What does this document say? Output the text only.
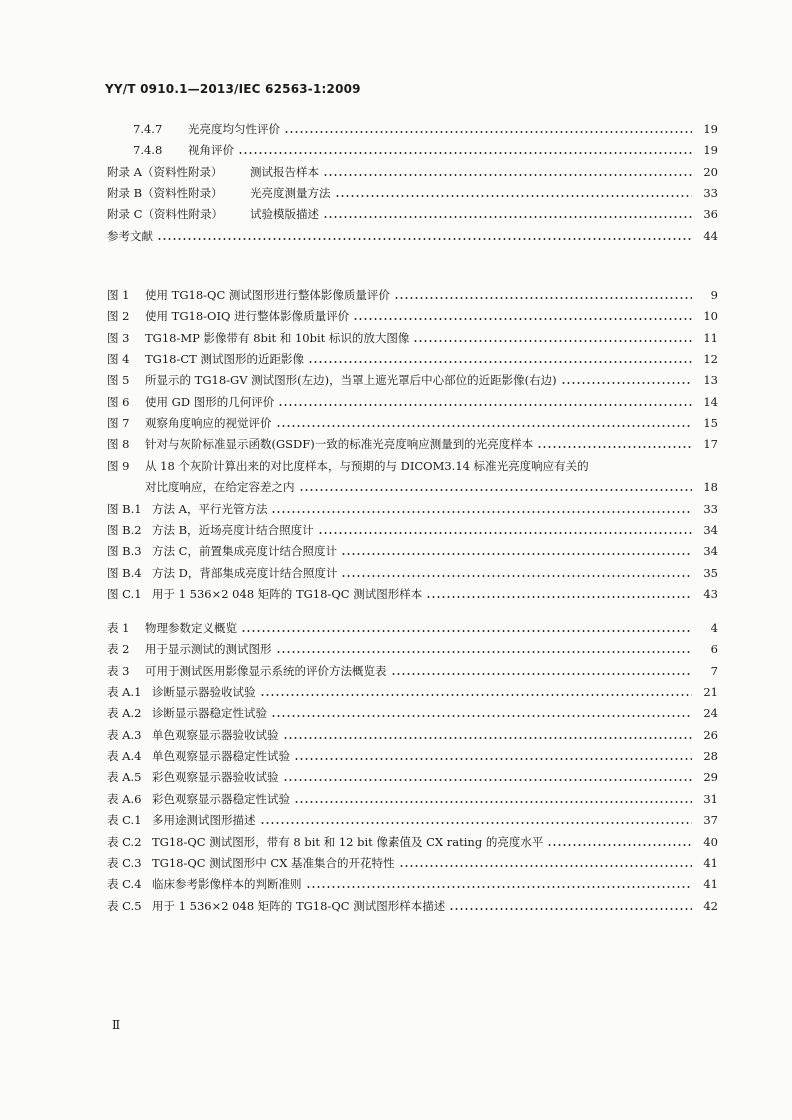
YY/T 0910.1—2013/IEC 62563-1:2009
7.4.7 光亮度均匀性评价	19
7.4.8 视角评价	19
附录 A（资料性附录） 测试报告样本	20
附录 B（资料性附录） 光亮度测量方法	33
附录 C（资料性附录） 试验模版描述	36
参考文献	44
图 1 使用 TG18-QC 测试图形进行整体影像质量评价	9
图 2 使用 TG18-OIQ 进行整体影像质量评价	10
图 3 TG18-MP 影像带有 8bit 和 10bit 标识的放大图像	11
图 4 TG18-CT 测试图形的近距影像	12
图 5 所显示的 TG18-GV 测试图形(左边)，当罩上遮光罩后中心部位的近距影像(右边)	13
图 6 使用 GD 图形的几何评价	14
图 7 观察角度响应的视觉评价	15
图 8 针对与灰阶标准显示函数(GSDF)一致的标准光亮度响应测量到的光亮度样本	17
图 9 从 18 个灰阶计算出来的对比度样本，与预期的与 DICOM3.14 标准光亮度响应有关的
对比度响应，在给定容差之内	18
图 B.1 方法 A，平行光管方法	33
图 B.2 方法 B，近场亮度计结合照度计	34
图 B.3 方法 C，前置集成亮度计结合照度计	34
图 B.4 方法 D，背部集成亮度计结合照度计	35
图 C.1 用于 1 536×2 048 矩阵的 TG18-QC 测试图形样本	43
表 1 物理参数定义概览	4
表 2 用于显示测试的测试图形	6
表 3 可用于测试医用影像显示系统的评价方法概览表	7
表 A.1 诊断显示器验收试验	21
表 A.2 诊断显示器稳定性试验	24
表 A.3 单色观察显示器验收试验	26
表 A.4 单色观察显示器稳定性试验	28
表 A.5 彩色观察显示器验收试验	29
表 A.6 彩色观察显示器稳定性试验	31
表 C.1 多用途测试图形描述	37
表 C.2 TG18-QC 测试图形，带有 8 bit 和 12 bit 像素值及 CX rating 的亮度水平	40
表 C.3 TG18-QC 测试图形中 CX 基准集合的开花特性	41
表 C.4 临床参考影像样本的判断准则	41
表 C.5 用于 1 536×2 048 矩阵的 TG18-QC 测试图形样本描述	42
Ⅱ
